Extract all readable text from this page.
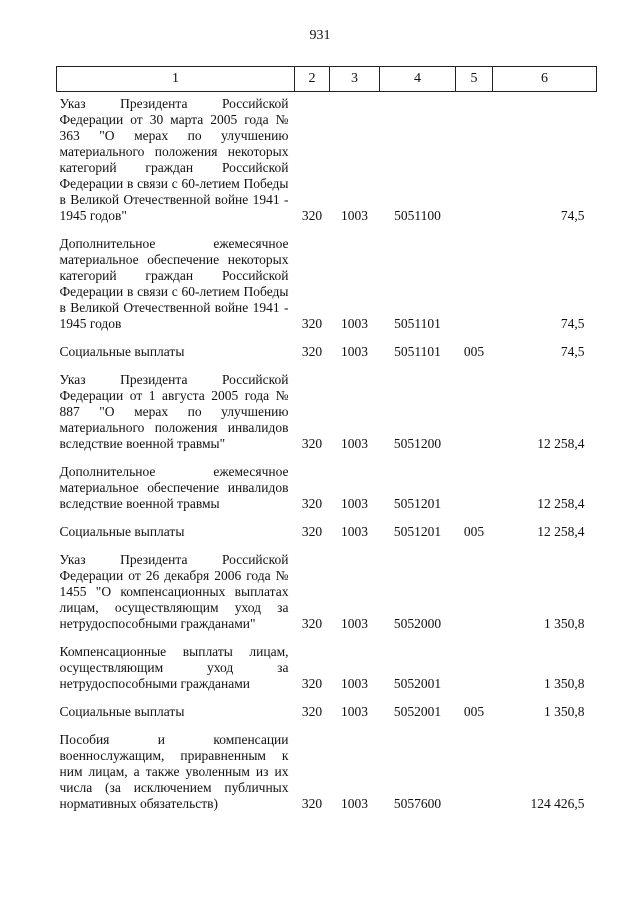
931
1	2	3	4	5	6

Указ Президента Российской Федерации от 30 марта 2005 года № 363 "О мерах по улучшению материального положения некоторых категорий граждан Российской Федерации в связи с 60-летием Победы в Великой Отечественной войне 1941 - 1945 годов"	320	1003	5051100		74,5

Дополнительное ежемесячное материальное обеспечение некоторых категорий граждан Российской Федерации в связи с 60-летием Победы в Великой Отечественной войне 1941 - 1945 годов	320	1003	5051101		74,5

Социальные выплаты	320	1003	5051101	005	74,5

Указ Президента Российской Федерации от 1 августа 2005 года № 887 "О мерах по улучшению материального положения инвалидов вследствие военной травмы"	320	1003	5051200		12 258,4

Дополнительное ежемесячное материальное обеспечение инвалидов вследствие военной травмы	320	1003	5051201		12 258,4

Социальные выплаты	320	1003	5051201	005	12 258,4

Указ Президента Российской Федерации от 26 декабря 2006 года № 1455 "О компенсационных выплатах лицам, осуществляющим уход за нетрудоспособными гражданами"	320	1003	5052000		1 350,8

Компенсационные выплаты лицам, осуществляющим уход за нетрудоспособными гражданами	320	1003	5052001		1 350,8

Социальные выплаты	320	1003	5052001	005	1 350,8

Пособия и компенсации военнослужащим, приравненным к ним лицам, а также уволенным из их числа (за исключением публичных нормативных обязательств)	320	1003	5057600		124 426,5
